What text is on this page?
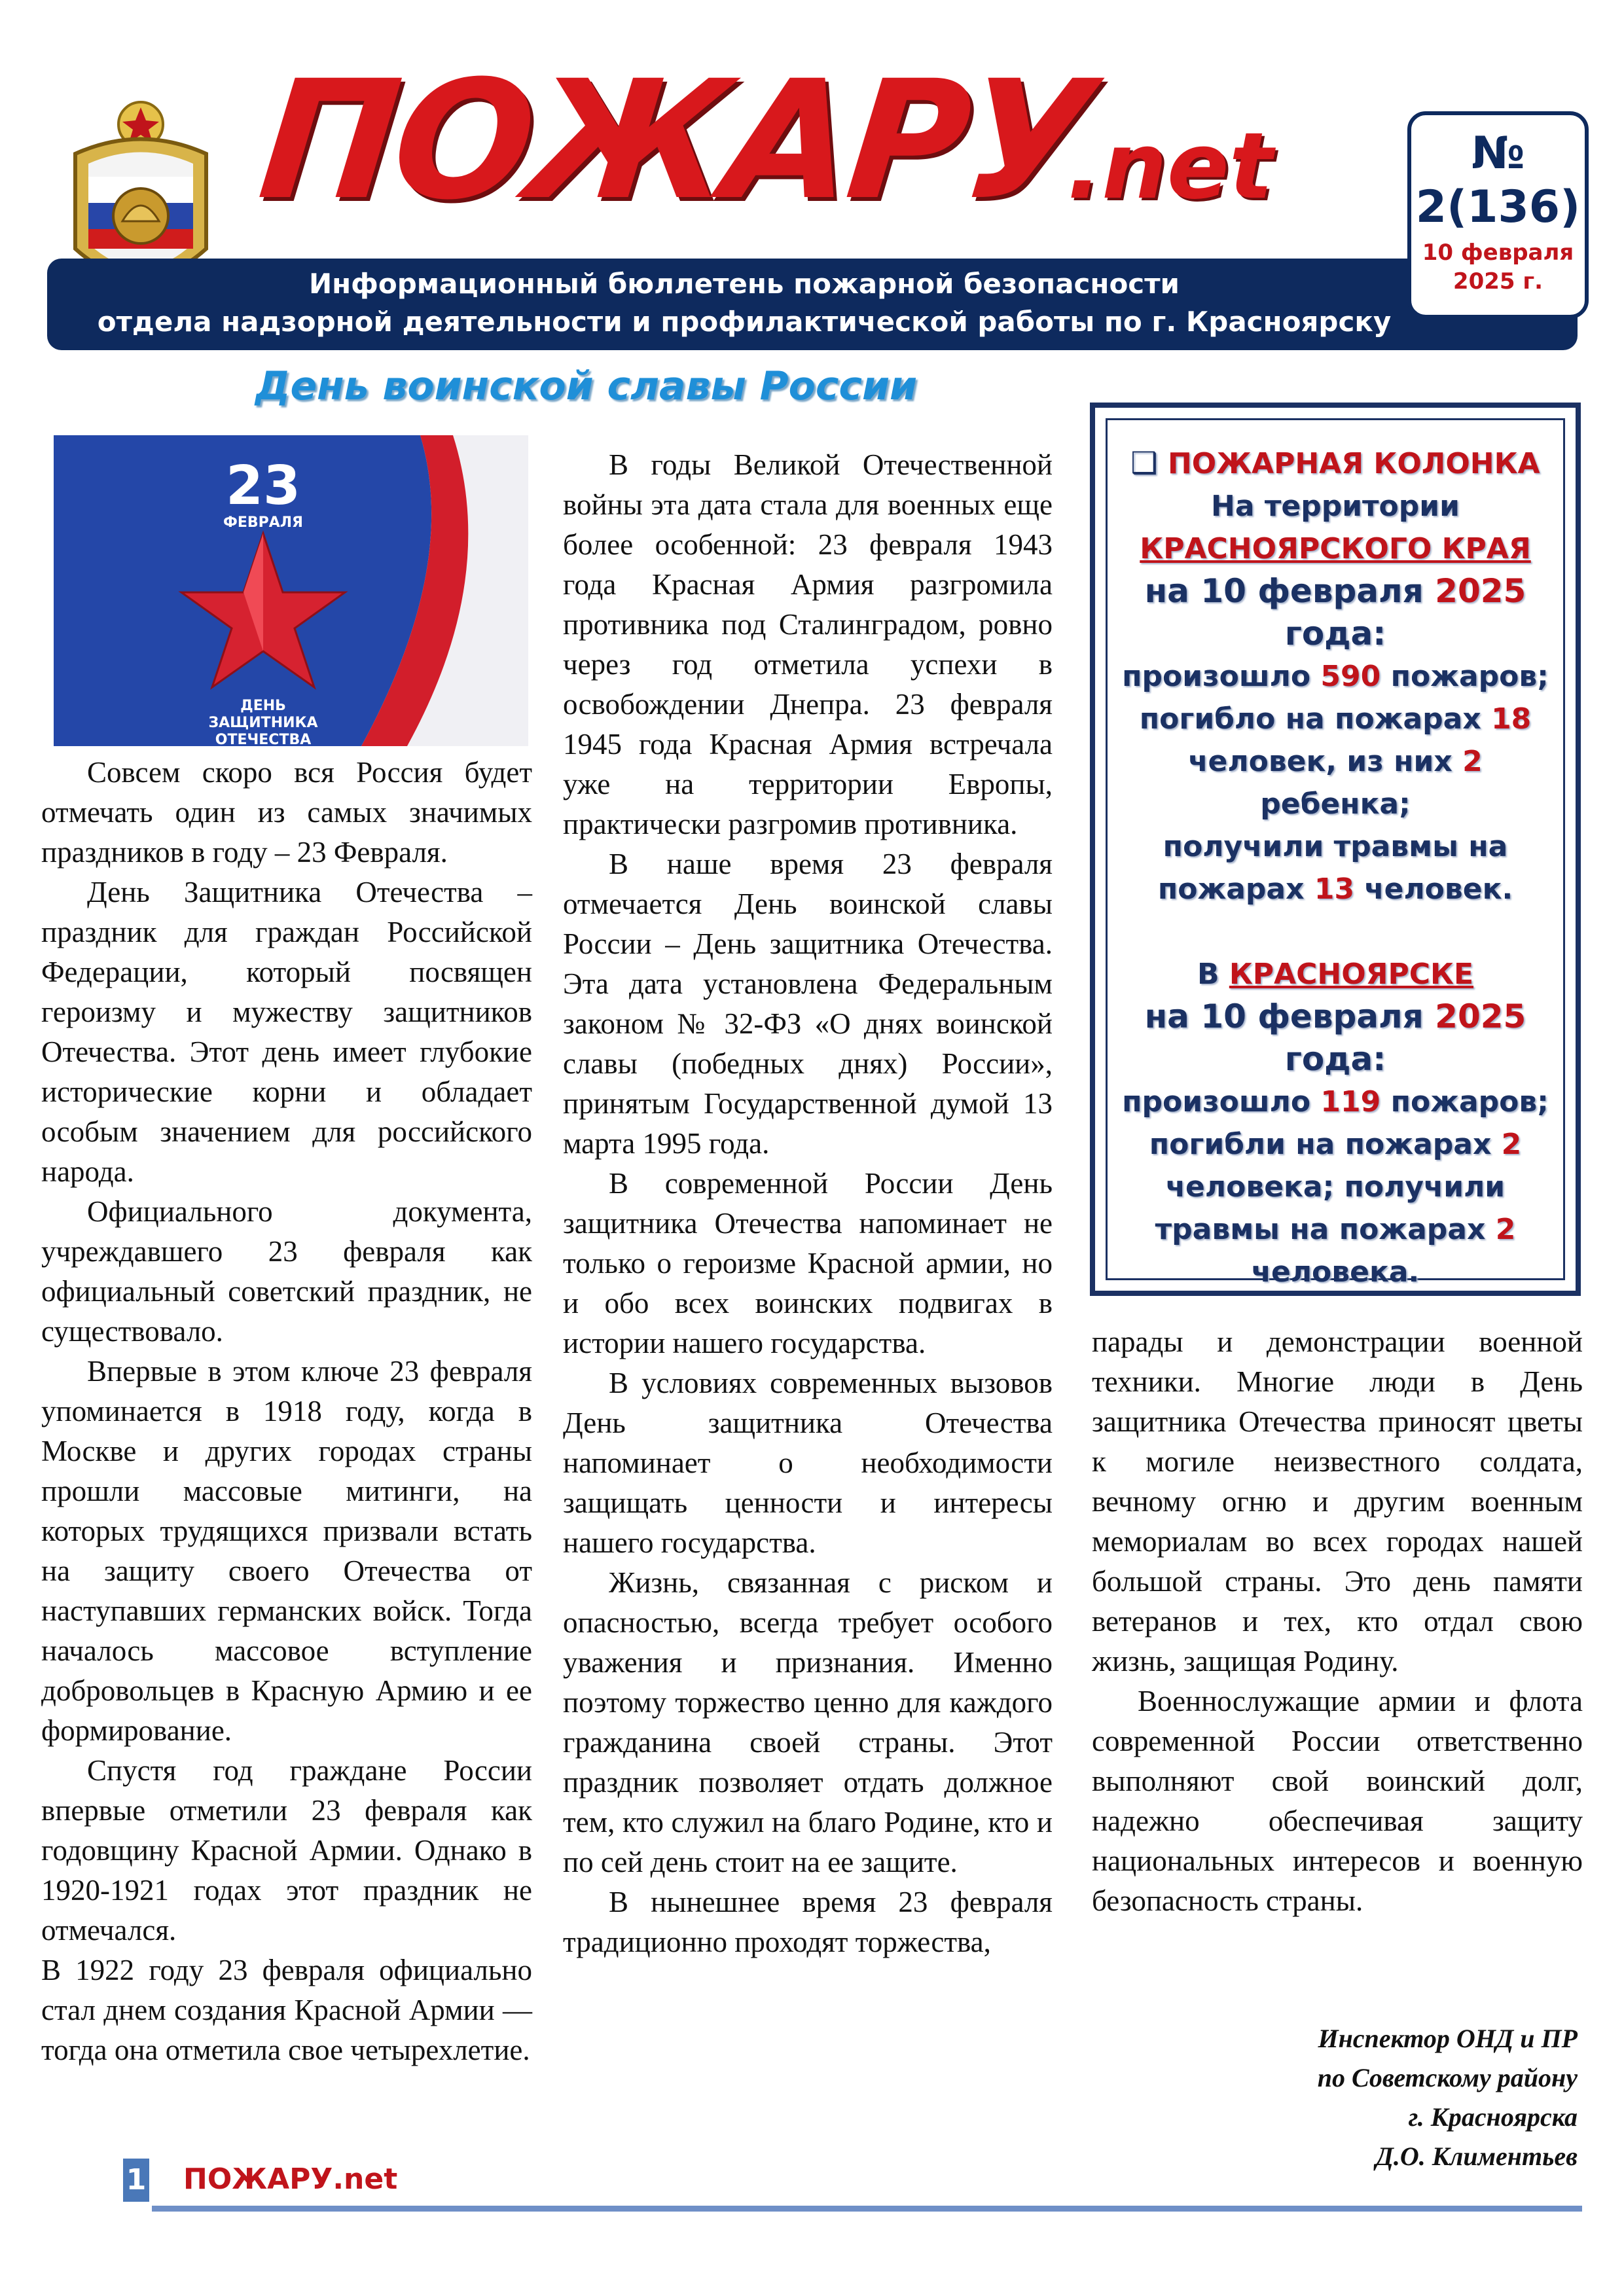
ПОЖАРУ
.net
Информационный бюллетень пожарной безопасности
отдела надзорной деятельности и профилактической работы по г. Красноярску
№
2(136)
10 февраля
2025 г.
День воинской славы России
23
ФЕВРАЛЯ
ДЕНЬ
ЗАЩИТНИКА
ОТЕЧЕСТВА

Совсем скоро вся Россия будет отмечать один из самых значимых праздников в году – 23 Февраля.

День Защитника Отечества – праздник для граждан Российской Федерации, который посвящен героизму и мужеству защитников Отечества. Этот день имеет глубокие исторические корни и обладает особым значением для российского народа.

Официального документа, учреждавшего 23 февраля как официальный советский праздник, не существовало.

Впервые в этом ключе 23 февраля упоминается в 1918 году, когда в Москве и других городах страны прошли массовые митинги, на которых трудящихся призвали встать на защиту своего Отечества от наступавших германских войск. Тогда началось массовое вступление добровольцев в Красную Армию и ее формирование.

Спустя год граждане России впервые отметили 23 февраля как годовщину Красной Армии. Однако в 1920-1921 годах этот праздник не отмечался.

В 1922 году 23 февраля официально стал днем создания Красной Армии — тогда она отметила свое четырехлетие.

В годы Великой Отечественной войны эта дата стала для военных еще более особенной: 23 февраля 1943 года Красная Армия разгромила противника под Сталинградом, ровно через год отметила успехи в освобождении Днепра. 23 февраля 1945 года Красная Армия встречала уже на территории Европы, практически разгромив противника.

В наше время 23 февраля отмечается День воинской славы России – День защитника Отечества. Эта дата установлена Федеральным законом № 32-ФЗ «О днях воинской славы (победных днях) России», принятым Государственной думой 13 марта 1995 года.

В современной России День защитника Отечества напоминает не только о героизме Красной армии, но и обо всех воинских подвигах в истории нашего государства.

В условиях современных вызовов День защитника Отечества напоминает о необходимости защищать ценности и интересы нашего государства.

Жизнь, связанная с риском и опасностью, всегда требует особого уважения и признания. Именно поэтому торжество ценно для каждого гражданина своей страны. Этот праздник позволяет отдать должное тем, кто служил на благо Родине, кто и по сей день стоит на ее защите.

В нынешнее время 23 февраля традиционно проходят торжества,

парады и демонстрации военной техники. Многие люди в День защитника Отечества приносят цветы к могиле неизвестного солдата, вечному огню и другим военным мемориалам во всех городах нашей большой страны. Это день памяти ветеранов и тех, кто отдал свою жизнь, защищая Родину.

Военнослужащие армии и флота современной России ответственно выполняют свой воинский долг, надежно обеспечивая защиту национальных интересов и военную безопасность страны.

❑ ПОЖАРНАЯ КОЛОНКА
На территории
КРАСНОЯРСКОГО КРАЯ
на 10 февраля 2025
года:
произошло 590 пожаров;
погибло на пожарах 18
человек, из них 2 ребенка;
получили травмы на пожарах 13 человек.
В КРАСНОЯРСКЕ
на 10 февраля 2025
года:
произошло 119 пожаров;
погибли на пожарах 2 человека; получили травмы на пожарах 2 человека.
Инспектор ОНД и ПР
по Советскому району
г. Красноярска
Д.О. Климентьев
1 ПОЖАРУ.net
